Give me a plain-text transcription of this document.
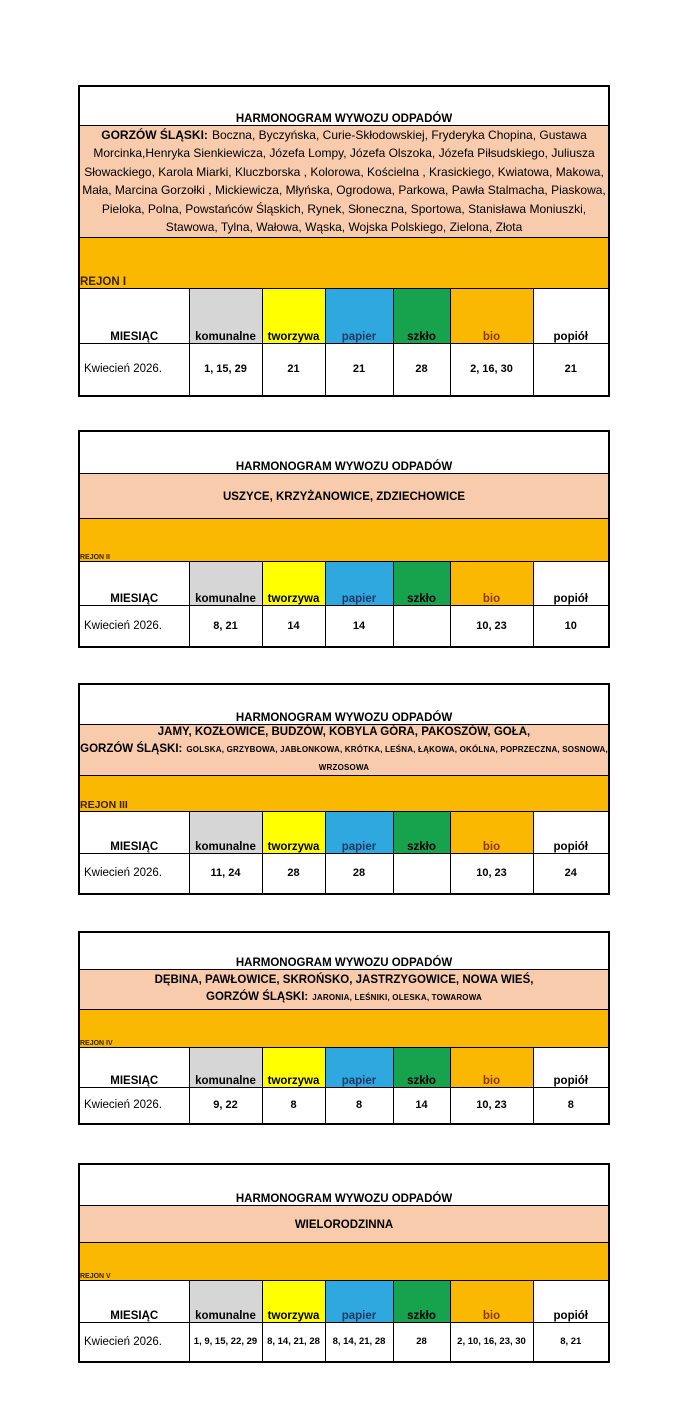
HARMONOGRAM WYWOZU ODPADÓW						
GORZÓW ŚLĄSKI: Boczna, Byczyńska, Curie-Skłodowskiej, Fryderyka Chopina, Gustawa Morcinka,Henryka Sienkiewicza, Józefa Lompy, Józefa Olszoka, Józefa Piłsudskiego, Juliusza Słowackiego, Karola Miarki, Kluczborska , Kolorowa, Kościelna , Krasickiego, Kwiatowa, Makowa, Mała, Marcina Gorzołki , Mickiewicza, Młyńska, Ogrodowa, Parkowa, Pawła Stalmacha, Piaskowa, Pieloka, Polna, Powstańców Śląskich, Rynek, Słoneczna, Sportowa, Stanisława Moniuszki, Stawowa, Tylna, Wałowa, Wąska, Wojska Polskiego, Zielona, Złota						
REJON I						
MIESIĄC	komunalne	tworzywa	papier	szkło	bio	popiół
Kwiecień 2026.	1, 15, 29	21	21	28	2, 16, 30	21
HARMONOGRAM WYWOZU ODPADÓW						
USZYCE, KRZYŻANOWICE, ZDZIECHOWICE						
REJON II						
MIESIĄC	komunalne	tworzywa	papier	szkło	bio	popiół
Kwiecień 2026.	8, 21	14	14		10, 23	10
HARMONOGRAM WYWOZU ODPADÓW						

JAMY, KOZŁOWICE, BUDZÓW, KOBYLA GÓRA, PAKOSZÓW, GOŁA,
GORZÓW ŚLĄSKI: GOLSKA, GRZYBOWA, JABŁONKOWA, KRÓTKA, LEŚNA, ŁĄKOWA, OKÓLNA, POPRZECZNA, SOSNOWA, WRZOSOWA						

REJON III						
MIESIĄC	komunalne	tworzywa	papier	szkło	bio	popiół
Kwiecień 2026.	11, 24	28	28		10, 23	24
HARMONOGRAM WYWOZU ODPADÓW						

DĘBINA, PAWŁOWICE, SKROŃSKO, JASTRZYGOWICE, NOWA WIEŚ,
GORZÓW ŚLĄSKI: JARONIA, LEŚNIKI, OLESKA, TOWAROWA						

REJON IV						
MIESIĄC	komunalne	tworzywa	papier	szkło	bio	popiół
Kwiecień 2026.	9, 22	8	8	14	10, 23	8
HARMONOGRAM WYWOZU ODPADÓW						
WIELORODZINNA						
REJON V						
MIESIĄC	komunalne	tworzywa	papier	szkło	bio	popiół
Kwiecień 2026.	1, 9, 15, 22, 29	8, 14, 21, 28	8, 14, 21, 28	28	2, 10, 16, 23, 30	8, 21
